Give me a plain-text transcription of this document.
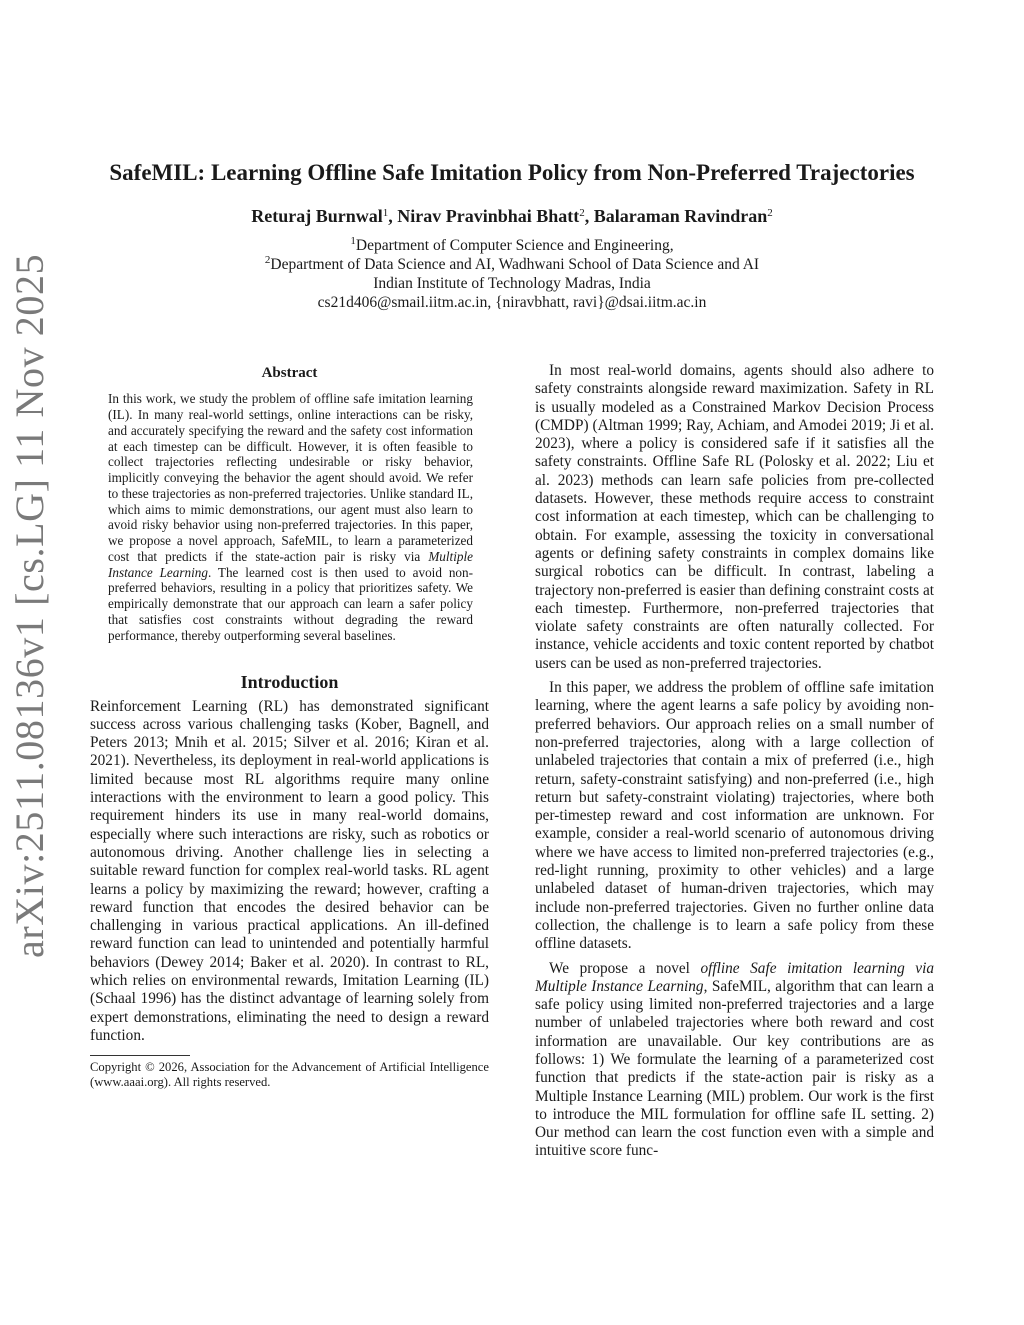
arXiv:2511.08136v1 [cs.LG] 11 Nov 2025
SafeMIL: Learning Offline Safe Imitation Policy from Non-Preferred Trajectories
Returaj Burnwal$^1$, Nirav Pravinbhai Bhatt$^2$, Balaraman Ravindran$^2$
$^1$Department of Computer Science and Engineering,
$^2$Department of Data Science and AI, Wadhwani School of Data Science and AI
Indian Institute of Technology Madras, India
cs21d406@smail.iitm.ac.in, {niravbhatt, ravi}@dsai.iitm.ac.in
Abstract
In this work, we study the problem of offline safe imitation learning (IL). In many real-world settings, online interactions can be risky, and accurately specifying the reward and the safety cost information at each timestep can be difficult. However, it is often feasible to collect trajectories reflecting undesirable or risky behavior, implicitly conveying the behavior the agent should avoid. We refer to these trajectories as non-preferred trajectories. Unlike standard IL, which aims to mimic demonstrations, our agent must also learn to avoid risky behavior using non-preferred trajectories. In this paper, we propose a novel approach, SafeMIL, to learn a parameterized cost that predicts if the state-action pair is risky via Multiple Instance Learning. The learned cost is then used to avoid non-preferred behaviors, resulting in a policy that prioritizes safety. We empirically demonstrate that our approach can learn a safer policy that satisfies cost constraints without degrading the reward performance, thereby outperforming several baselines.
Introduction

Reinforcement Learning (RL) has demonstrated significant success across various challenging tasks (Kober, Bagnell, and Peters 2013; Mnih et al. 2015; Silver et al. 2016; Kiran et al. 2021). Nevertheless, its deployment in real-world applications is limited because most RL algorithms require many online interactions with the environment to learn a good policy. This requirement hinders its use in many real-world domains, especially where such interactions are risky, such as robotics or autonomous driving. Another challenge lies in selecting a suitable reward function for complex real-world tasks. RL agent learns a policy by maximizing the reward; however, crafting a reward function that encodes the desired behavior can be challenging in various practical applications. An ill-defined reward function can lead to unintended and potentially harmful behaviors (Dewey 2014; Baker et al. 2020). In contrast to RL, which relies on environmental rewards, Imitation Learning (IL) (Schaal 1996) has the distinct advantage of learning solely from expert demonstrations, eliminating the need to design a reward function.

Copyright © 2026, Association for the Advancement of Artificial Intelligence (www.aaai.org). All rights reserved.

In most real-world domains, agents should also adhere to safety constraints alongside reward maximization. Safety in RL is usually modeled as a Constrained Markov Decision Process (CMDP) (Altman 1999; Ray, Achiam, and Amodei 2019; Ji et al. 2023), where a policy is considered safe if it satisfies all the safety constraints. Offline Safe RL (Polosky et al. 2022; Liu et al. 2023) methods can learn safe policies from pre-collected datasets. However, these methods require access to constraint cost information at each timestep, which can be challenging to obtain. For example, assessing the toxicity in conversational agents or defining safety constraints in complex domains like surgical robotics can be difficult. In contrast, labeling a trajectory non-preferred is easier than defining constraint costs at each timestep. Furthermore, non-preferred trajectories that violate safety constraints are often naturally collected. For instance, vehicle accidents and toxic content reported by chatbot users can be used as non-preferred trajectories.

In this paper, we address the problem of offline safe imitation learning, where the agent learns a safe policy by avoiding non-preferred behaviors. Our approach relies on a small number of non-preferred trajectories, along with a large collection of unlabeled trajectories that contain a mix of preferred (i.e., high return, safety-constraint satisfying) and non-preferred (i.e., high return but safety-constraint violating) trajectories, where both per-timestep reward and cost information are unknown. For example, consider a real-world scenario of autonomous driving where we have access to limited non-preferred trajectories (e.g., red-light running, proximity to other vehicles) and a large unlabeled dataset of human-driven trajectories, which may include non-preferred trajectories. Given no further online data collection, the challenge is to learn a safe policy from these offline datasets.

We propose a novel offline Safe imitation learning via Multiple Instance Learning, SafeMIL, algorithm that can learn a safe policy using limited non-preferred trajectories and a large number of unlabeled trajectories where both reward and cost information are unavailable. Our key contributions are as follows: 1) We formulate the learning of a parameterized cost function that predicts if the state-action pair is risky as a Multiple Instance Learning (MIL) problem. Our work is the first to introduce the MIL formulation for offline safe IL setting. 2) Our method can learn the cost function even with a simple and intuitive score func-
